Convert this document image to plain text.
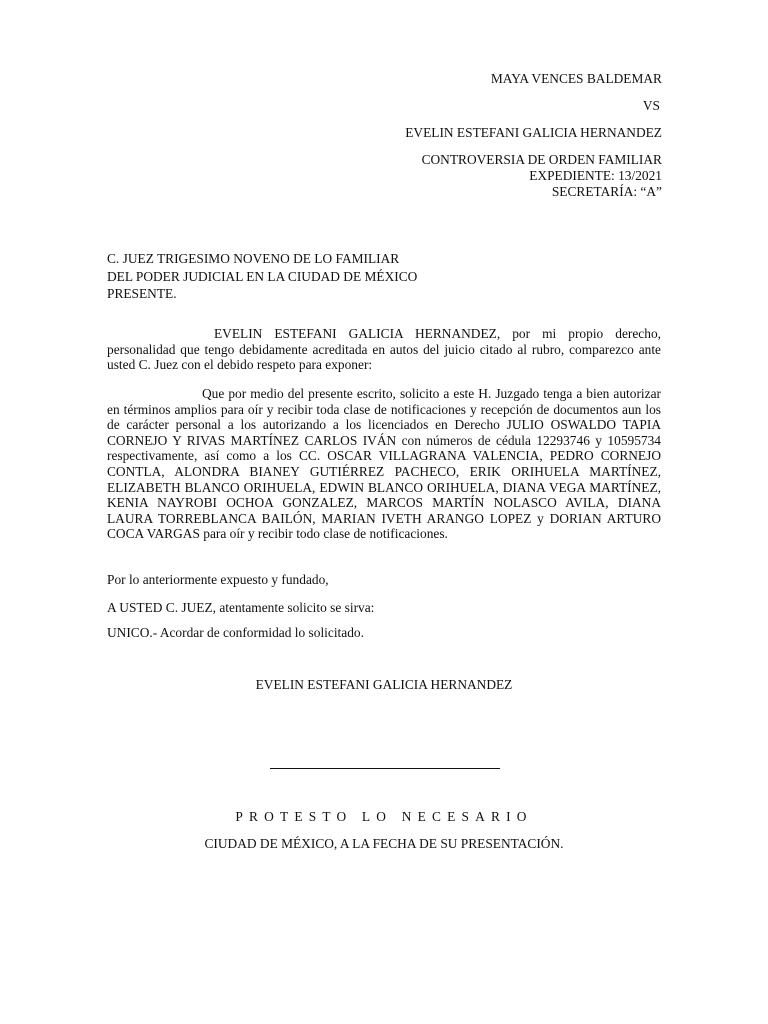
MAYA VENCES BALDEMAR
VS
EVELIN ESTEFANI GALICIA HERNANDEZ
CONTROVERSIA DE ORDEN FAMILIAR
EXPEDIENTE: 13/2021
SECRETARÍA: “A”
C. JUEZ TRIGESIMO NOVENO DE LO FAMILIAR
DEL PODER JUDICIAL EN LA CIUDAD DE MÉXICO
PRESENTE.

EVELIN ESTEFANI GALICIA HERNANDEZ, por mi propio derecho, personalidad que tengo debidamente acreditada en autos del juicio citado al rubro, comparezco ante usted C. Juez con el debido respeto para exponer:

Que por medio del presente escrito, solicito a este H. Juzgado tenga a bien autorizar en términos amplios para oír y recibir toda clase de notificaciones y recepción de documentos aun los de carácter personal a los autorizando a los licenciados en Derecho JULIO OSWALDO TAPIA CORNEJO Y RIVAS MARTÍNEZ CARLOS IVÁN con números de cédula 12293746 y 10595734 respectivamente, así como a los CC. OSCAR VILLAGRANA VALENCIA, PEDRO CORNEJO CONTLA, ALONDRA BIANEY GUTIÉRREZ PACHECO, ERIK ORIHUELA MARTÍNEZ, ELIZABETH BLANCO ORIHUELA, EDWIN BLANCO ORIHUELA, DIANA VEGA MARTÍNEZ, KENIA NAYROBI OCHOA GONZALEZ, MARCOS MARTÍN NOLASCO AVILA, DIANA LAURA TORREBLANCA BAILÓN, MARIAN IVETH ARANGO LOPEZ y DORIAN ARTURO COCA VARGAS para oír y recibir todo clase de notificaciones.

Por lo anteriormente expuesto y fundado,
A USTED C. JUEZ, atentamente solicito se sirva:
UNICO.- Acordar de conformidad lo solicitado.
EVELIN ESTEFANI GALICIA HERNANDEZ
PROTESTO LO NECESARIO
CIUDAD DE MÉXICO, A LA FECHA DE SU PRESENTACIÓN.
